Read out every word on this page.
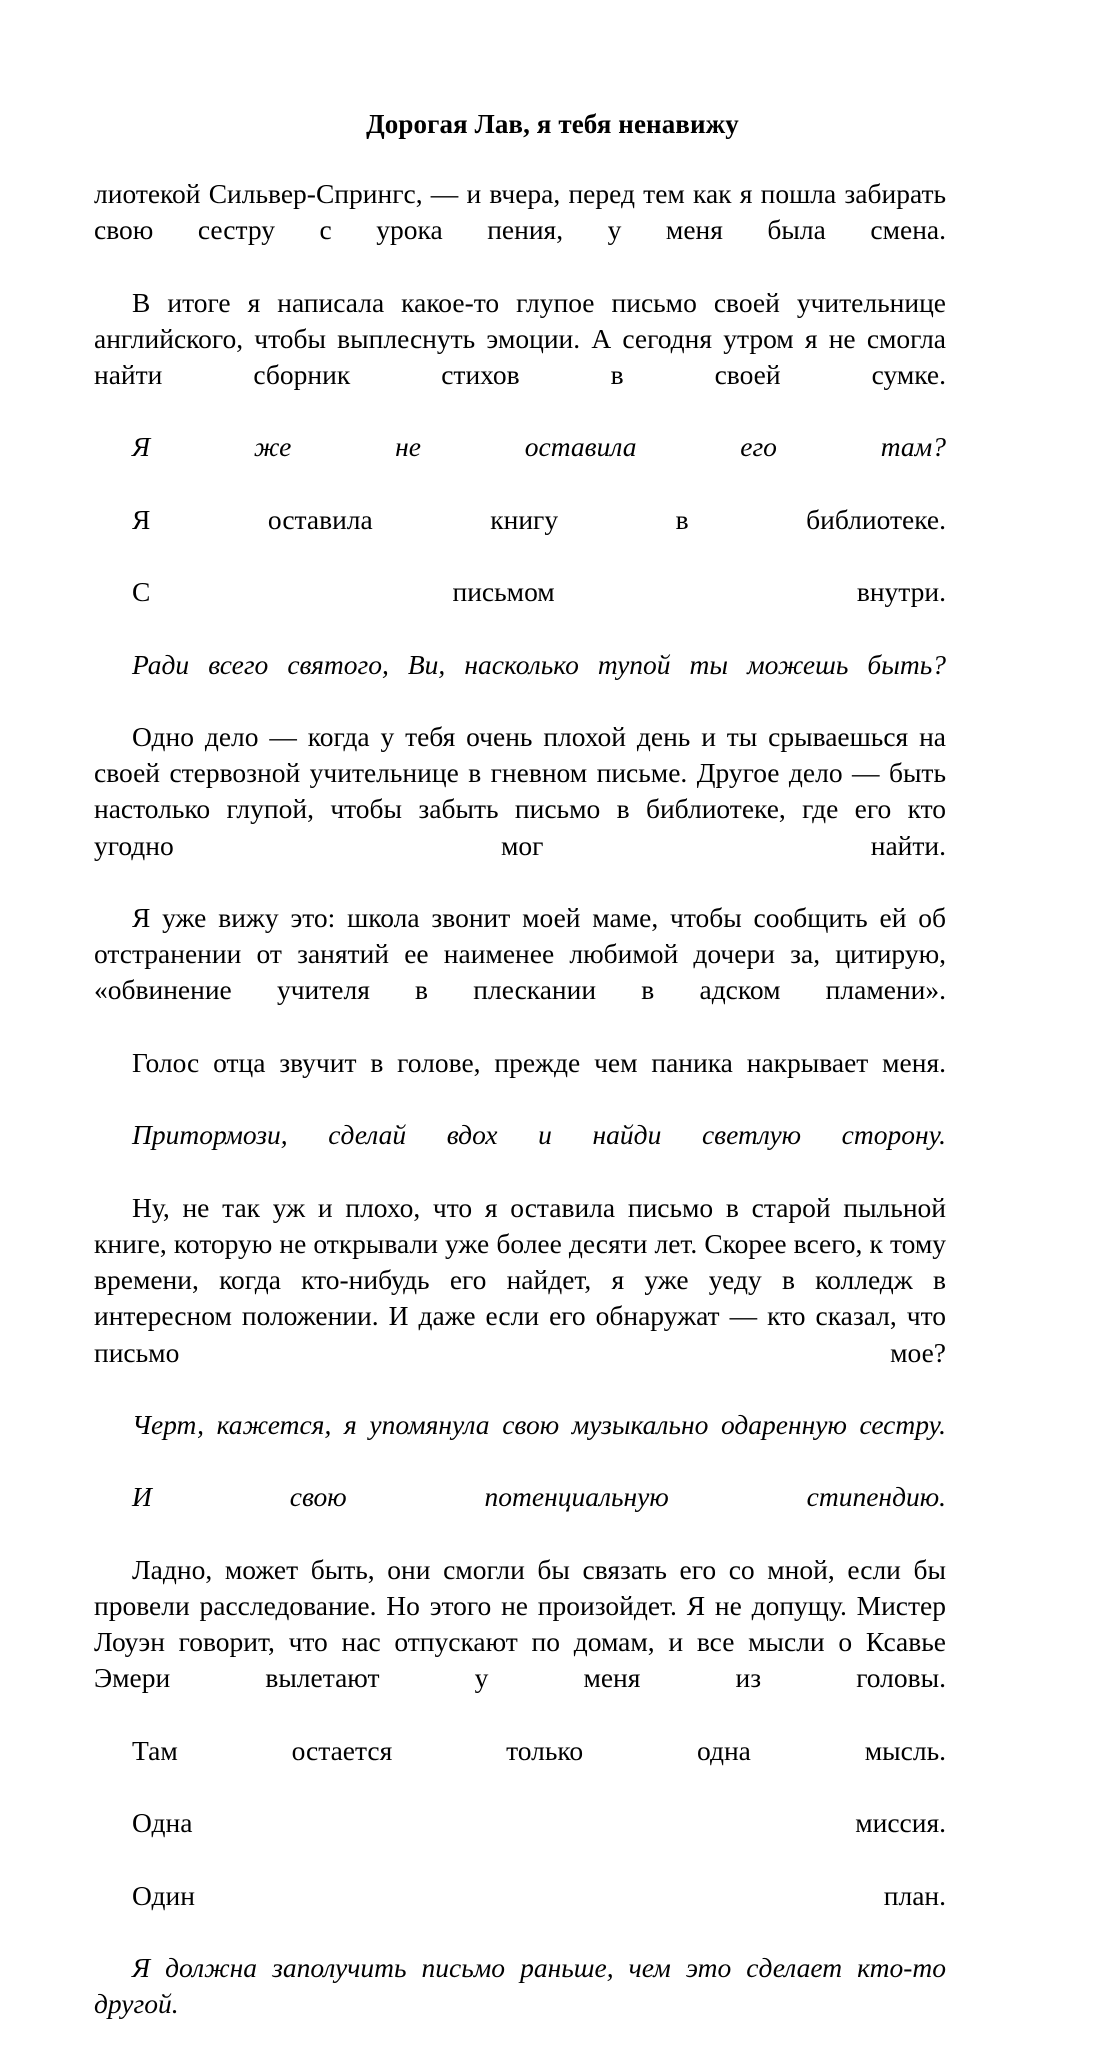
Дорогая Лав, я тебя ненавижу

лиотекой Сильвер-Спрингс, — и вчера, перед тем как я пошла забирать свою сестру с урока пения, у меня была смена.

В итоге я написала какое-то глупое письмо своей учительнице английского, чтобы выплеснуть эмоции. А сегодня утром я не смогла найти сборник стихов в своей сумке.

Я же не оставила его там?

Я оставила книгу в библиотеке.

С письмом внутри.

Ради всего святого, Ви, насколько тупой ты можешь быть?

Одно дело — когда у тебя очень плохой день и ты срываешься на своей стервозной учительнице в гневном письме. Другое дело — быть настолько глупой, чтобы забыть письмо в библиотеке, где его кто угодно мог найти.

Я уже вижу это: школа звонит моей маме, чтобы сообщить ей об отстранении от занятий ее наименее любимой дочери за, цитирую, «обвинение учителя в плескании в адском пламени».

Голос отца звучит в голове, прежде чем паника накрывает меня.

Притормози, сделай вдох и найди светлую сторону.

Ну, не так уж и плохо, что я оставила письмо в старой пыльной книге, которую не открывали уже более десяти лет. Скорее всего, к тому времени, когда кто-нибудь его найдет, я уже уеду в колледж в интересном положении. И даже если его обнаружат — кто сказал, что письмо мое?

Черт, кажется, я упомянула свою музыкально одаренную сестру.

И свою потенциальную стипендию.

Ладно, может быть, они смогли бы связать его со мной, если бы провели расследование. Но этого не произойдет. Я не допущу. Мистер Лоуэн говорит, что нас отпускают по домам, и все мысли о Ксавье Эмери вылетают у меня из головы.

Там остается только одна мысль.

Одна миссия.

Один план.

Я должна заполучить письмо раньше, чем это сделает кто-то другой.
